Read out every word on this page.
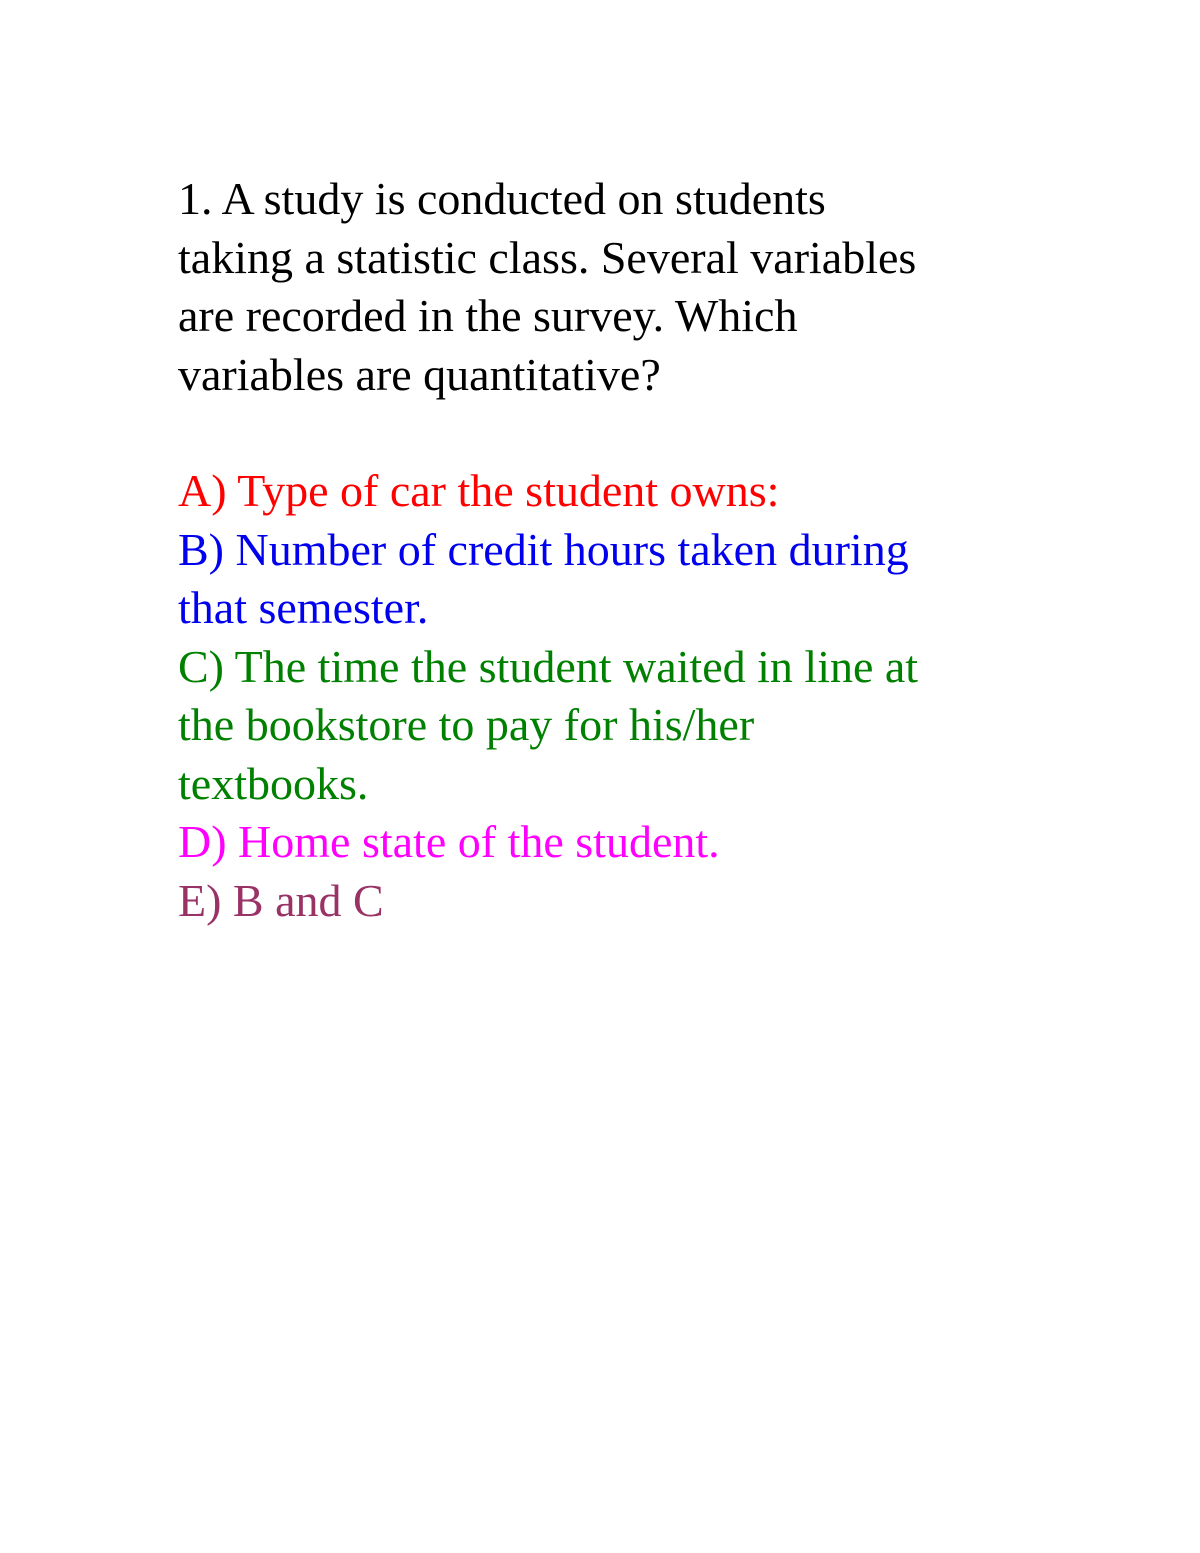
1. A study is conducted on students
taking a statistic class. Several variables
are recorded in the survey. Which
variables are quantitative?
A) Type of car the student owns:
B) Number of credit hours taken during
that semester.
C) The time the student waited in line at
the bookstore to pay for his/her
textbooks.
D) Home state of the student.
E) B and C
